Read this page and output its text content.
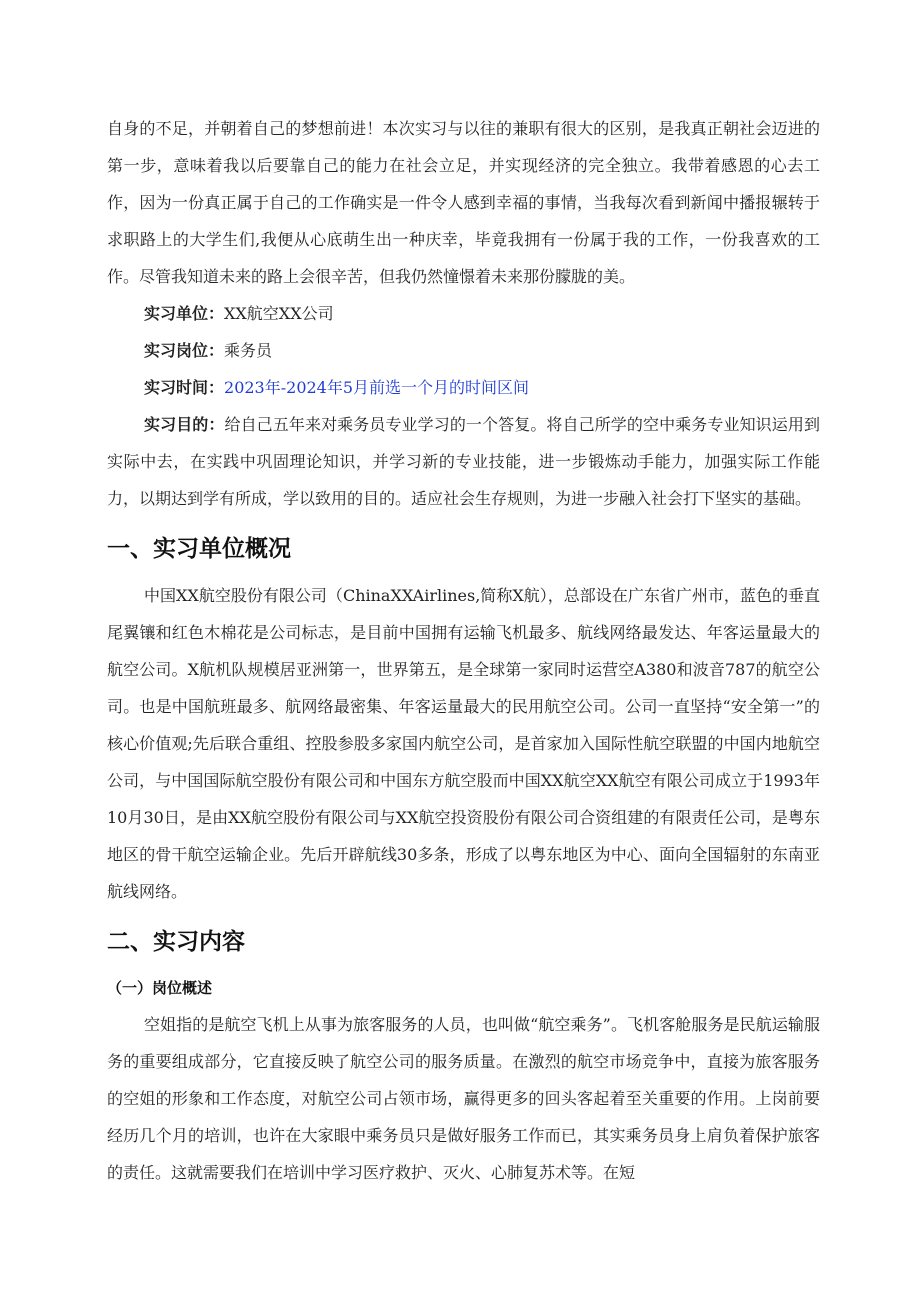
自身的不足，并朝着自己的梦想前进！本次实习与以往的兼职有很大的区别，是我真正朝社会迈进的第一步，意味着我以后要靠自己的能力在社会立足，并实现经济的完全独立。我带着感恩的心去工作，因为一份真正属于自己的工作确实是一件令人感到幸福的事情，当我每次看到新闻中播报辗转于求职路上的大学生们,我便从心底萌生出一种庆幸，毕竟我拥有一份属于我的工作，一份我喜欢的工作。尽管我知道未来的路上会很辛苦，但我仍然憧憬着未来那份朦胧的美。

实习单位：XX航空XX公司

实习岗位：乘务员

实习时间：2023年-2024年5月前选一个月的时间区间

实习目的：给自己五年来对乘务员专业学习的一个答复。将自己所学的空中乘务专业知识运用到实际中去，在实践中巩固理论知识，并学习新的专业技能，进一步锻炼动手能力，加强实际工作能力，以期达到学有所成，学以致用的目的。适应社会生存规则，为进一步融入社会打下坚实的基础。

一、实习单位概况

中国XX航空股份有限公司（ChinaXXAirlines,简称X航），总部设在广东省广州市，蓝色的垂直尾翼镶和红色木棉花是公司标志，是目前中国拥有运输飞机最多、航线网络最发达、年客运量最大的航空公司。X航机队规模居亚洲第一，世界第五，是全球第一家同时运营空A380和波音787的航空公司。也是中国航班最多、航网络最密集、年客运量最大的民用航空公司。公司一直坚持“安全第一”的核心价值观;先后联合重组、控股参股多家国内航空公司，是首家加入国际性航空联盟的中国内地航空公司，与中国国际航空股份有限公司和中国东方航空股而中国XX航空XX航空有限公司成立于1993年10月30日，是由XX航空股份有限公司与XX航空投资股份有限公司合资组建的有限责任公司，是粤东地区的骨干航空运输企业。先后开辟航线30多条，形成了以粤东地区为中心、面向全国辐射的东南亚航线网络。

二、实习内容
（一）岗位概述

空姐指的是航空飞机上从事为旅客服务的人员，也叫做“航空乘务”。飞机客舱服务是民航运输服务的重要组成部分，它直接反映了航空公司的服务质量。在激烈的航空市场竞争中，直接为旅客服务的空姐的形象和工作态度，对航空公司占领市场，赢得更多的回头客起着至关重要的作用。上岗前要经历几个月的培训，也许在大家眼中乘务员只是做好服务工作而已，其实乘务员身上肩负着保护旅客的责任。这就需要我们在培训中学习医疗救护、灭火、心肺复苏术等。在短
